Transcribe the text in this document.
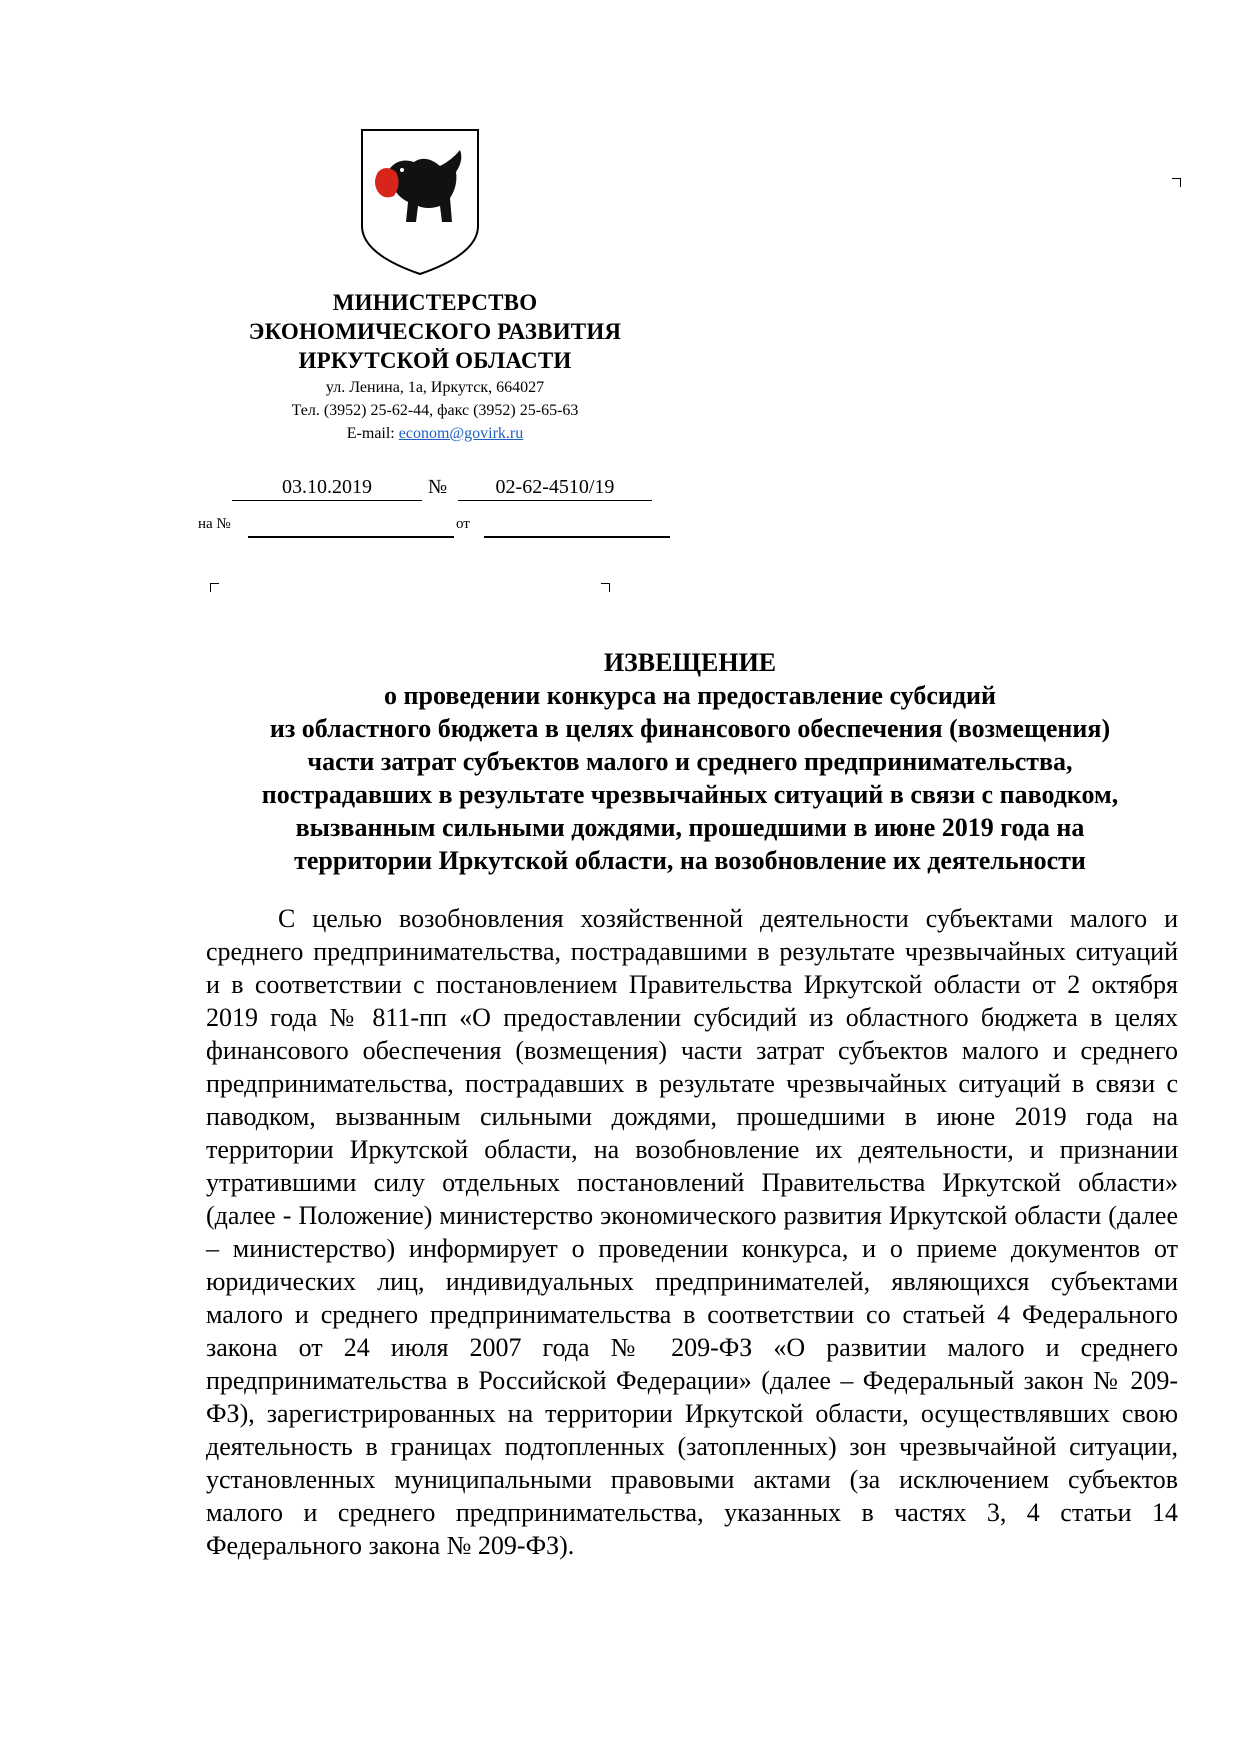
МИНИСТЕРСТВО
ЭКОНОМИЧЕСКОГО РАЗВИТИЯ
ИРКУТСКОЙ ОБЛАСТИ
ул. Ленина, 1а, Иркутск, 664027
Тел. (3952) 25-62-44, факс (3952) 25-65-63
E-mail: econom@govirk.ru
03.10.2019	№	02-62-4510/19
на №	от
ИЗВЕЩЕНИЕ
о проведении конкурса на предоставление субсидий
из областного бюджета в целях финансового обеспечения (возмещения)
части затрат субъектов малого и среднего предпринимательства,
пострадавших в результате чрезвычайных ситуаций в связи с паводком,
вызванным сильными дождями, прошедшими в июне 2019 года на
территории Иркутской области, на возобновление их деятельности

С целью возобновления хозяйственной деятельности субъектами малого и среднего предпринимательства, пострадавшими в результате чрезвычайных ситуаций и в соответствии с постановлением Правительства Иркутской области от 2 октября 2019 года № 811-пп «О предоставлении субсидий из областного бюджета в целях финансового обеспечения (возмещения) части затрат субъектов малого и среднего предпринимательства, пострадавших в результате чрезвычайных ситуаций в связи с паводком, вызванным сильными дождями, прошедшими в июне 2019 года на территории Иркутской области, на возобновление их деятельности, и признании утратившими силу отдельных постановлений Правительства Иркутской области» (далее - Положение) министерство экономического развития Иркутской области (далее – министерство) информирует о проведении конкурса, и о приеме документов от юридических лиц, индивидуальных предпринимателей, являющихся субъектами малого и среднего предпринимательства в соответствии со статьей 4 Федерального закона от 24 июля 2007 года № 209-ФЗ «О развитии малого и среднего предпринимательства в Российской Федерации» (далее – Федеральный закон № 209-ФЗ), зарегистрированных на территории Иркутской области, осуществлявших свою деятельность в границах подтопленных (затопленных) зон чрезвычайной ситуации, установленных муниципальными правовыми актами (за исключением субъектов малого и среднего предпринимательства, указанных в частях 3, 4 статьи 14 Федерального закона № 209-ФЗ).
